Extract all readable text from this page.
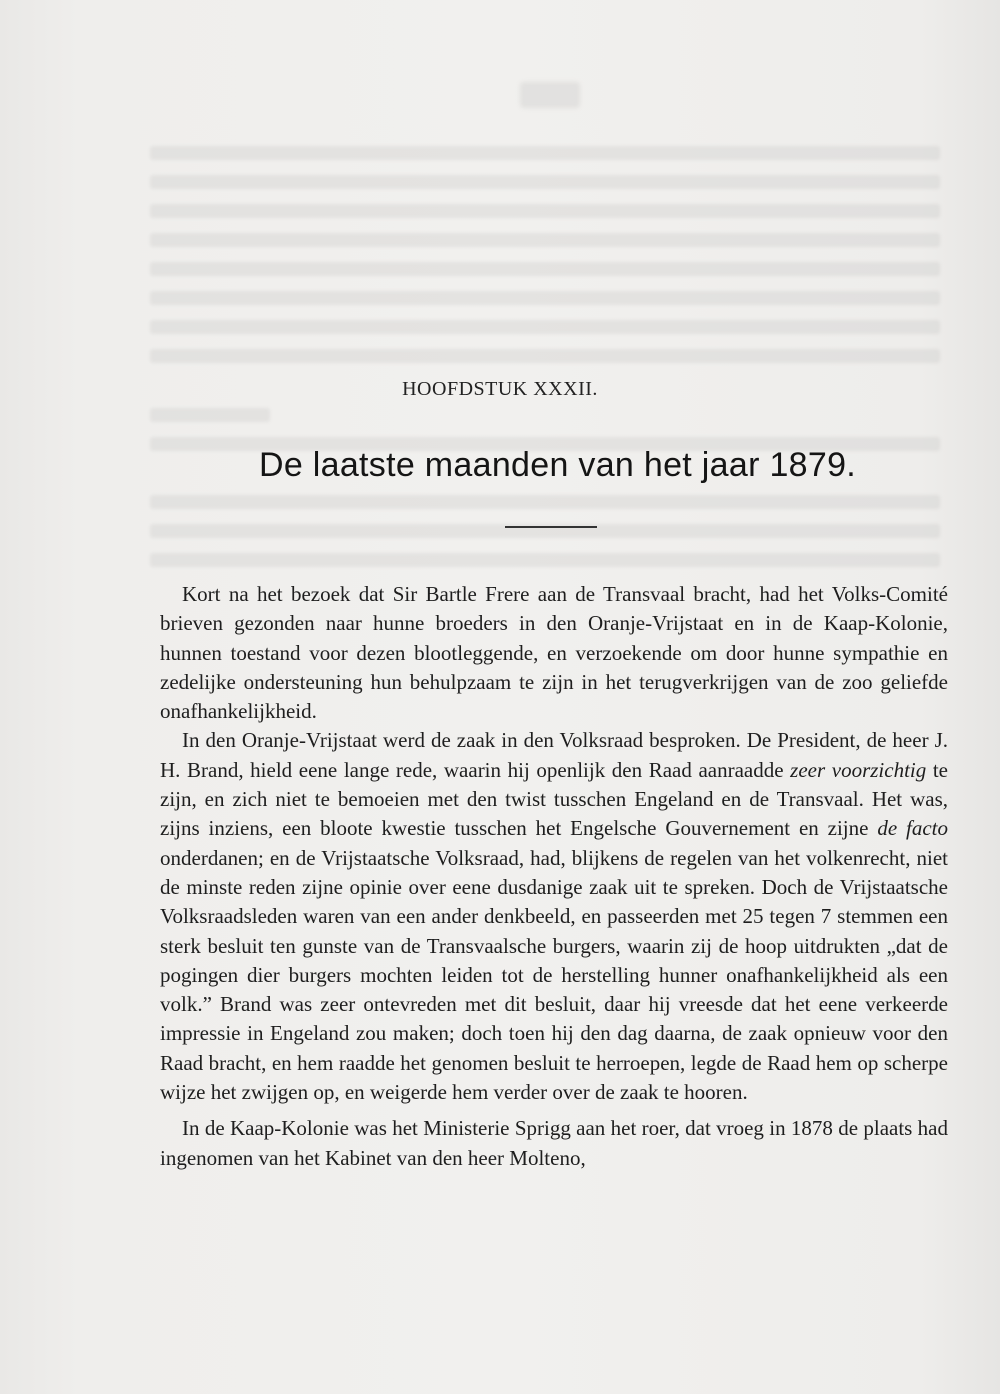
HOOFDSTUK XXXII.
De laatste maanden van het jaar 1879.

Kort na het bezoek dat Sir Bartle Frere aan de Transvaal bracht, had het Volks-Comité brieven gezonden naar hunne broeders in den Oranje-Vrijstaat en in de Kaap-Kolonie, hunnen toestand voor dezen blootleggende, en verzoekende om door hunne sympathie en zedelijke ondersteuning hun behulpzaam te zijn in het terugverkrijgen van de zoo geliefde onafhankelijkheid.

In den Oranje-Vrijstaat werd de zaak in den Volksraad besproken. De President, de heer J. H. Brand, hield eene lange rede, waarin hij openlijk den Raad aanraadde zeer voorzichtig te zijn, en zich niet te bemoeien met den twist tusschen Engeland en de Transvaal. Het was, zijns inziens, een bloote kwestie tusschen het Engelsche Gouvernement en zijne de facto onderdanen; en de Vrijstaatsche Volksraad, had, blijkens de regelen van het volkenrecht, niet de minste reden zijne opinie over eene dusdanige zaak uit te spreken. Doch de Vrijstaatsche Volksraadsleden waren van een ander denkbeeld, en passeerden met 25 tegen 7 stemmen een sterk besluit ten gunste van de Transvaalsche burgers, waarin zij de hoop uitdrukten „dat de pogingen dier burgers mochten leiden tot de herstelling hunner onafhankelijkheid als een volk.” Brand was zeer ontevreden met dit besluit, daar hij vreesde dat het eene verkeerde impressie in Engeland zou maken; doch toen hij den dag daarna, de zaak opnieuw voor den Raad bracht, en hem raadde het genomen besluit te herroepen, legde de Raad hem op scherpe wijze het zwijgen op, en weigerde hem verder over de zaak te hooren.

In de Kaap-Kolonie was het Ministerie Sprigg aan het roer, dat vroeg in 1878 de plaats had ingenomen van het Kabinet van den heer Molteno,
